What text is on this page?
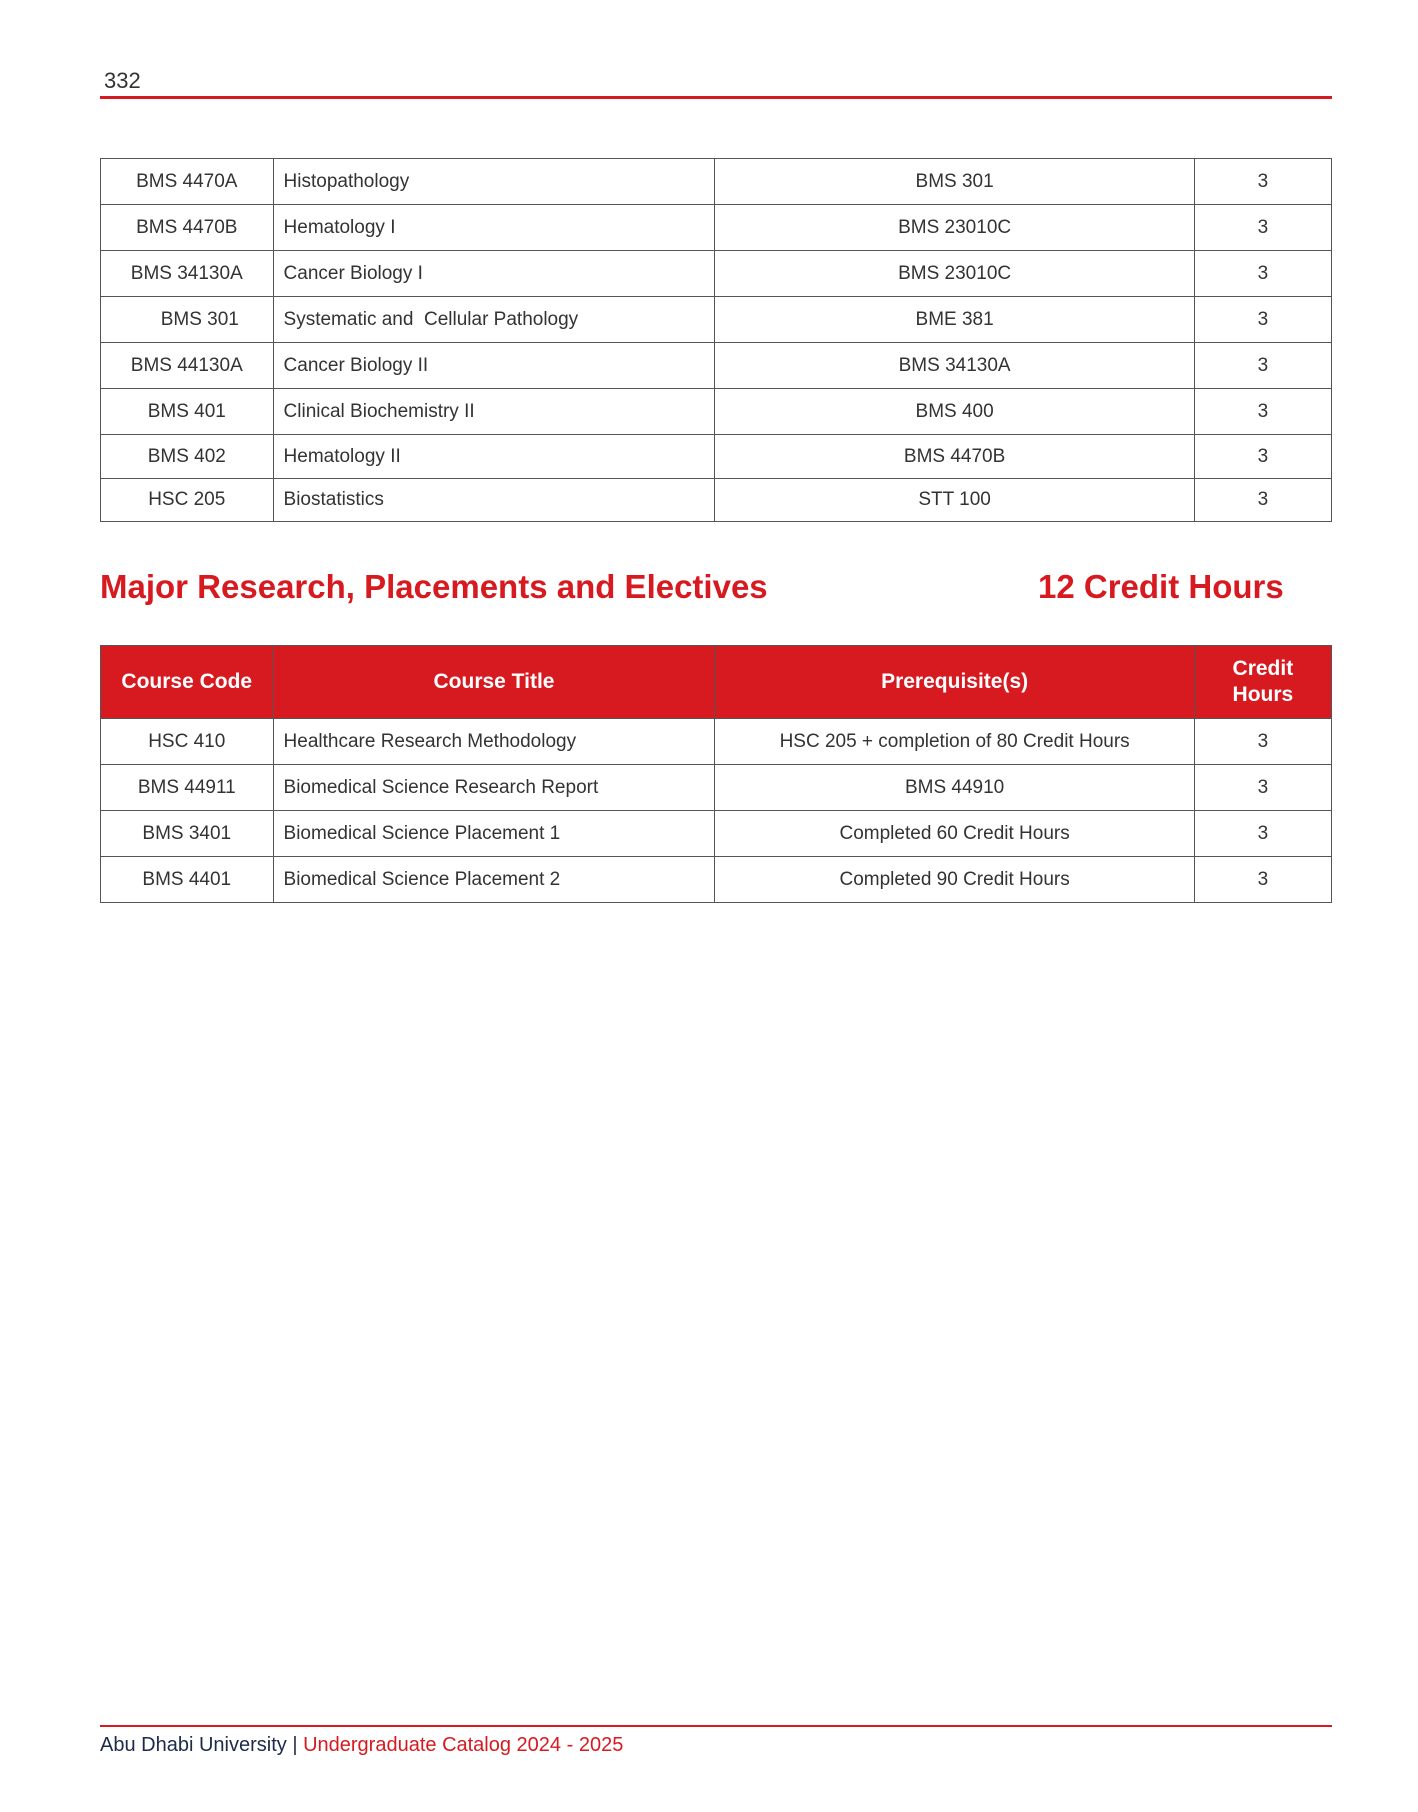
332
BMS 4470A	Histopathology	BMS 301	3
BMS 4470B	Hematology I	BMS 23010C	3
BMS 34130A	Cancer Biology I	BMS 23010C	3
BMS 301	Systematic and  Cellular Pathology	BME 381	3
BMS 44130A	Cancer Biology II	BMS 34130A	3
BMS 401	Clinical Biochemistry II	BMS 400	3
BMS 402	Hematology II	BMS 4470B	3
HSC 205	Biostatistics	STT 100	3
Major Research, Placements and Electives	12 Credit Hours
Course Code	Course Title	Prerequisite(s)	Credit Hours
HSC 410	Healthcare Research Methodology	HSC 205 + completion of 80 Credit Hours	3
BMS 44911	Biomedical Science Research Report	BMS 44910	3
BMS 3401	Biomedical Science Placement 1	Completed 60 Credit Hours	3
BMS 4401	Biomedical Science Placement 2	Completed 90 Credit Hours	3
Abu Dhabi University | Undergraduate Catalog 2024 - 2025
